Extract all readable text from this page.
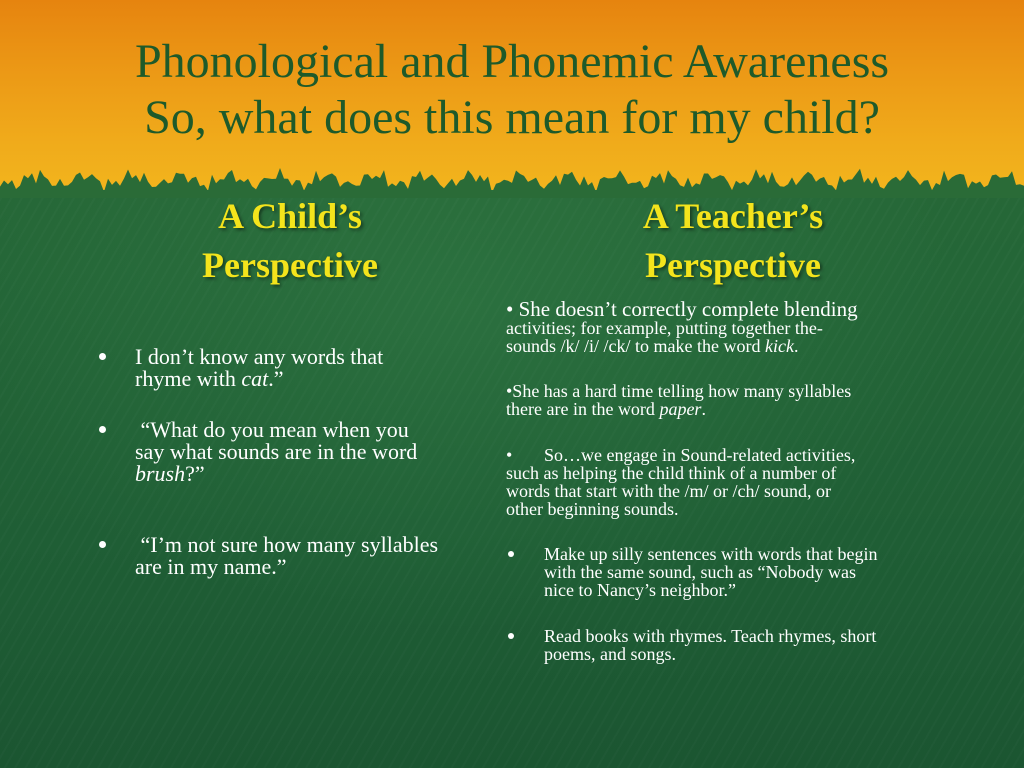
Phonological and Phonemic Awareness
So, what does this mean for my child?
A Child’s Perspective
A Teacher’s Perspective
I don’t know any words that
rhyme with cat.”
“What do you mean when you
say what sounds are in the word
brush?”
“I’m not sure how many syllables
are in my name.”
• She doesn’t correctly complete blending
activities; for example, putting together the-
sounds /k/ /i/ /ck/ to make the word kick.
•She has a hard time telling how many syllables
there are in the word paper.
• So…we engage in Sound-related activities,
such as helping the child think of a number of
words that start with the /m/ or /ch/ sound, or
other beginning sounds.
Make up silly sentences with words that begin
with the same sound, such as “Nobody was
nice to Nancy’s neighbor.”
Read books with rhymes. Teach rhymes, short
poems, and songs.
